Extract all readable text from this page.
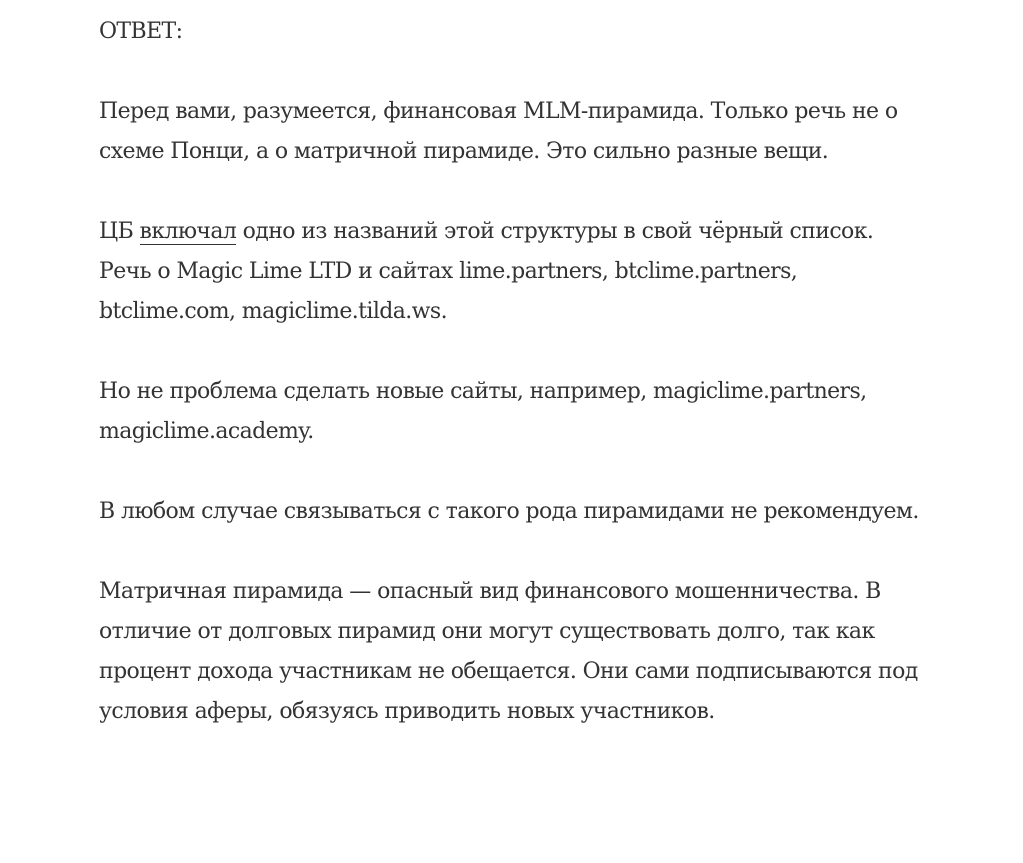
ОТВЕТ:

Перед вами, разумеется, финансовая MLM-пирамида. Только речь не о схеме Понци, а о матричной пирамиде. Это сильно разные вещи.

ЦБ включал одно из названий этой структуры в свой чёрный список. Речь о Magic Lime LTD и сайтах lime.partners, btclime.partners, btclime.com, magiclime.tilda.ws.

Но не проблема сделать новые сайты, например, magiclime.partners, magiclime.academy.

В любом случае связываться с такого рода пирамидами не рекомендуем.

Матричная пирамида — опасный вид финансового мошенничества. В отличие от долговых пирамид они могут существовать долго, так как процент дохода участникам не обещается. Они сами подписываются под условия аферы, обязуясь приводить новых участников.
